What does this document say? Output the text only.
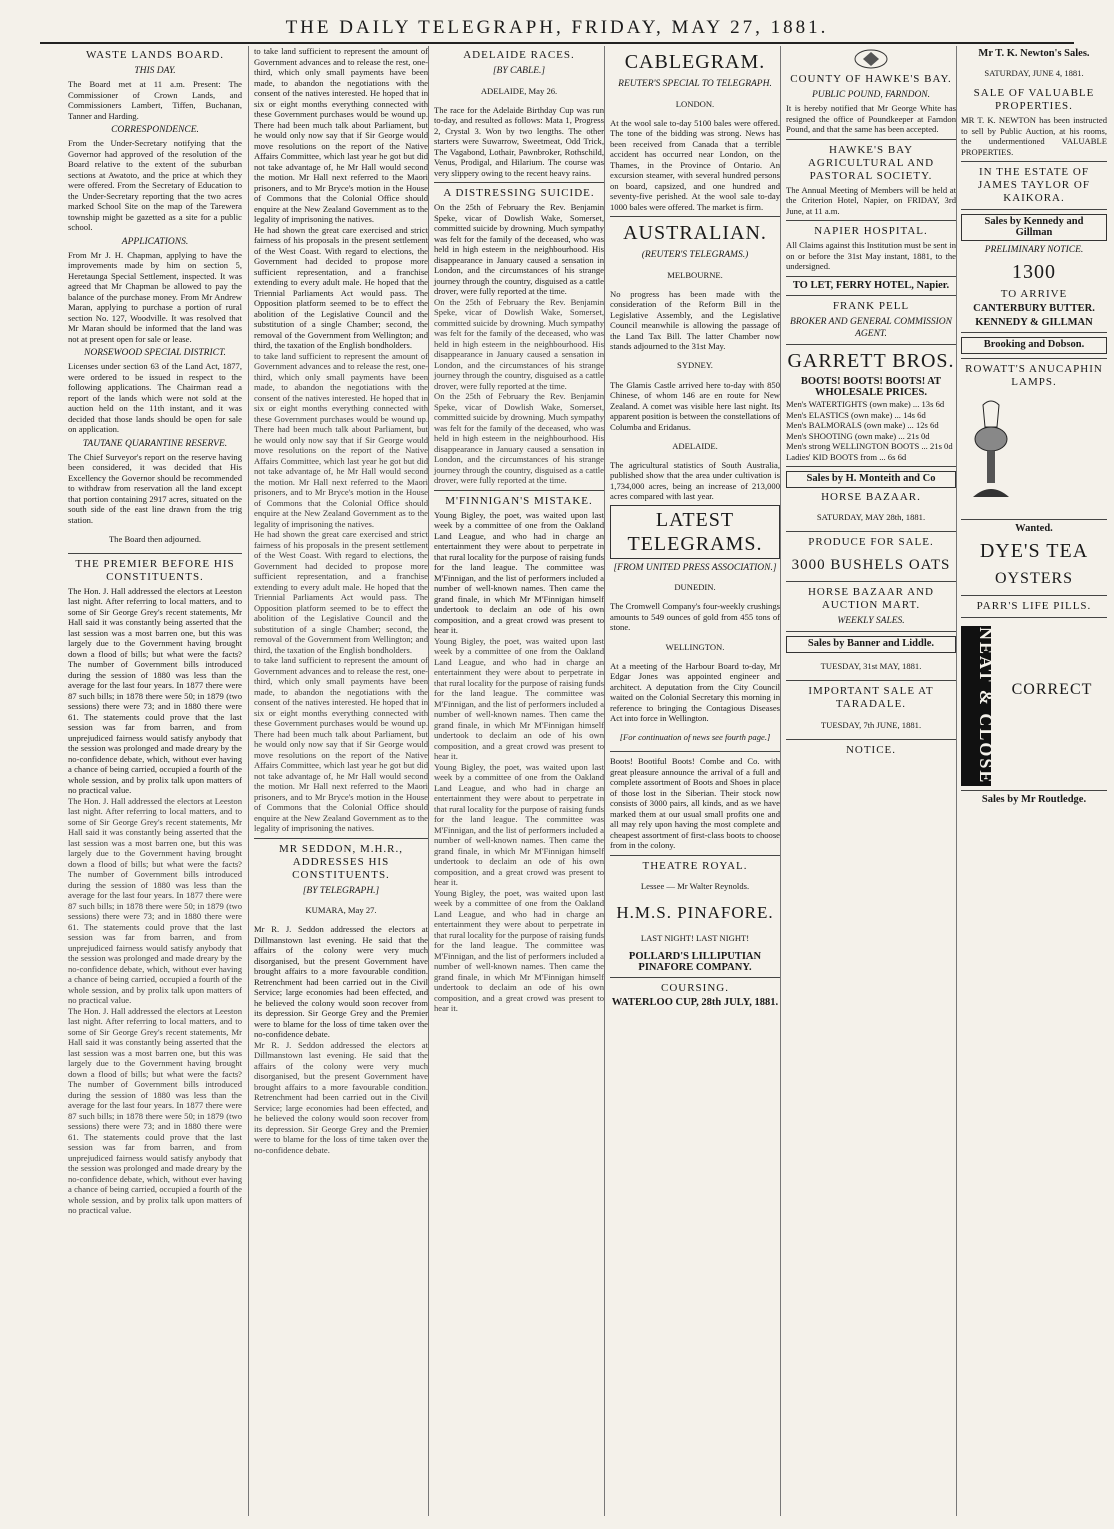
THE DAILY TELEGRAPH, FRIDAY, MAY 27, 1881.
WASTE LANDS BOARD.
THIS DAY.

The Board met at 11 a.m. Present: The Commissioner of Crown Lands, and Commissioners Lambert, Tiffen, Buchanan, Tanner and Harding.

CORRESPONDENCE.

From the Under-Secretary notifying that the Governor had approved of the resolution of the Board relative to the extent of the suburban sections at Awatoto, and the price at which they were offered. From the Secretary of Education to the Under-Secretary reporting that the two acres marked School Site on the map of the Tarewera township might be gazetted as a site for a public school.

APPLICATIONS.

From Mr J. H. Chapman, applying to have the improvements made by him on section 5, Heretaunga Special Settlement, inspected. It was agreed that Mr Chapman be allowed to pay the balance of the purchase money. From Mr Andrew Maran, applying to purchase a portion of rural section No. 127, Woodville. It was resolved that Mr Maran should be informed that the land was not at present open for sale or lease.

NORSEWOOD SPECIAL DISTRICT.

Licenses under section 63 of the Land Act, 1877, were ordered to be issued in respect to the following applications. The Chairman read a report of the lands which were not sold at the auction held on the 11th instant, and it was decided that those lands should be open for sale on application.

TAUTANE QUARANTINE RESERVE.

The Chief Surveyor's report on the reserve having been considered, it was decided that His Excellency the Governor should be recommended to withdraw from reservation all the land except that portion containing 2917 acres, situated on the south side of the east line drawn from the trig station.

The Board then adjourned.

THE PREMIER BEFORE HIS CONSTITUENTS.

The Hon. J. Hall addressed the electors at Leeston last night. After referring to local matters, and to some of Sir George Grey's recent statements, Mr Hall said it was constantly being asserted that the last session was a most barren one, but this was largely due to the Government having brought down a flood of bills; but what were the facts? The number of Government bills introduced during the session of 1880 was less than the average for the last four years. In 1877 there were 87 such bills; in 1878 there were 50; in 1879 (two sessions) there were 73; and in 1880 there were 61. The statements could prove that the last session was far from barren, and from unprejudiced fairness would satisfy anybody that the session was prolonged and made dreary by the no-confidence debate, which, without ever having a chance of being carried, occupied a fourth of the whole session, and by prolix talk upon matters of no practical value.

The Hon. J. Hall addressed the electors at Leeston last night. After referring to local matters, and to some of Sir George Grey's recent statements, Mr Hall said it was constantly being asserted that the last session was a most barren one, but this was largely due to the Government having brought down a flood of bills; but what were the facts? The number of Government bills introduced during the session of 1880 was less than the average for the last four years. In 1877 there were 87 such bills; in 1878 there were 50; in 1879 (two sessions) there were 73; and in 1880 there were 61. The statements could prove that the last session was far from barren, and from unprejudiced fairness would satisfy anybody that the session was prolonged and made dreary by the no-confidence debate, which, without ever having a chance of being carried, occupied a fourth of the whole session, and by prolix talk upon matters of no practical value.

The Hon. J. Hall addressed the electors at Leeston last night. After referring to local matters, and to some of Sir George Grey's recent statements, Mr Hall said it was constantly being asserted that the last session was a most barren one, but this was largely due to the Government having brought down a flood of bills; but what were the facts? The number of Government bills introduced during the session of 1880 was less than the average for the last four years. In 1877 there were 87 such bills; in 1878 there were 50; in 1879 (two sessions) there were 73; and in 1880 there were 61. The statements could prove that the last session was far from barren, and from unprejudiced fairness would satisfy anybody that the session was prolonged and made dreary by the no-confidence debate, which, without ever having a chance of being carried, occupied a fourth of the whole session, and by prolix talk upon matters of no practical value.

to take land sufficient to represent the amount of Government advances and to release the rest, one-third, which only small payments have been made, to abandon the negotiations with the consent of the natives interested. He hoped that in six or eight months everything connected with these Government purchases would be wound up. There had been much talk about Parliament, but he would only now say that if Sir George would move resolutions on the report of the Native Affairs Committee, which last year he got but did not take advantage of, he Mr Hall would second the motion. Mr Hall next referred to the Maori prisoners, and to Mr Bryce's motion in the House of Commons that the Colonial Office should enquire at the New Zealand Government as to the legality of imprisoning the natives.

He had shown the great care exercised and strict fairness of his proposals in the present settlement of the West Coast. With regard to elections, the Government had decided to propose more sufficient representation, and a franchise extending to every adult male. He hoped that the Triennial Parliaments Act would pass. The Opposition platform seemed to be to effect the abolition of the Legislative Council and the substitution of a single Chamber; second, the removal of the Government from Wellington; and third, the taxation of the English bondholders.

to take land sufficient to represent the amount of Government advances and to release the rest, one-third, which only small payments have been made, to abandon the negotiations with the consent of the natives interested. He hoped that in six or eight months everything connected with these Government purchases would be wound up. There had been much talk about Parliament, but he would only now say that if Sir George would move resolutions on the report of the Native Affairs Committee, which last year he got but did not take advantage of, he Mr Hall would second the motion. Mr Hall next referred to the Maori prisoners, and to Mr Bryce's motion in the House of Commons that the Colonial Office should enquire at the New Zealand Government as to the legality of imprisoning the natives.

He had shown the great care exercised and strict fairness of his proposals in the present settlement of the West Coast. With regard to elections, the Government had decided to propose more sufficient representation, and a franchise extending to every adult male. He hoped that the Triennial Parliaments Act would pass. The Opposition platform seemed to be to effect the abolition of the Legislative Council and the substitution of a single Chamber; second, the removal of the Government from Wellington; and third, the taxation of the English bondholders.

to take land sufficient to represent the amount of Government advances and to release the rest, one-third, which only small payments have been made, to abandon the negotiations with the consent of the natives interested. He hoped that in six or eight months everything connected with these Government purchases would be wound up. There had been much talk about Parliament, but he would only now say that if Sir George would move resolutions on the report of the Native Affairs Committee, which last year he got but did not take advantage of, he Mr Hall would second the motion. Mr Hall next referred to the Maori prisoners, and to Mr Bryce's motion in the House of Commons that the Colonial Office should enquire at the New Zealand Government as to the legality of imprisoning the natives.

MR SEDDON, M.H.R., ADDRESSES HIS CONSTITUENTS.
[BY TELEGRAPH.]

KUMARA, May 27.

Mr R. J. Seddon addressed the electors at Dillmanstown last evening. He said that the affairs of the colony were very much disorganised, but the present Government have brought affairs to a more favourable condition. Retrenchment had been carried out in the Civil Service; large economies had been effected, and he believed the colony would soon recover from its depression. Sir George Grey and the Premier were to blame for the loss of time taken over the no-confidence debate.

Mr R. J. Seddon addressed the electors at Dillmanstown last evening. He said that the affairs of the colony were very much disorganised, but the present Government have brought affairs to a more favourable condition. Retrenchment had been carried out in the Civil Service; large economies had been effected, and he believed the colony would soon recover from its depression. Sir George Grey and the Premier were to blame for the loss of time taken over the no-confidence debate.

ADELAIDE RACES.
[BY CABLE.]

ADELAIDE, May 26.

The race for the Adelaide Birthday Cup was run to-day, and resulted as follows: Mata 1, Progress 2, Crystal 3. Won by two lengths. The other starters were Suwarrow, Sweetmeat, Odd Trick, The Vagabond, Lothair, Pawnbroker, Rothschild, Venus, Prodigal, and Hilarium. The course was very slippery owing to the recent heavy rains.

A DISTRESSING SUICIDE.

On the 25th of February the Rev. Benjamin Speke, vicar of Dowlish Wake, Somerset, committed suicide by drowning. Much sympathy was felt for the family of the deceased, who was held in high esteem in the neighbourhood. His disappearance in January caused a sensation in London, and the circumstances of his strange journey through the country, disguised as a cattle drover, were fully reported at the time.

On the 25th of February the Rev. Benjamin Speke, vicar of Dowlish Wake, Somerset, committed suicide by drowning. Much sympathy was felt for the family of the deceased, who was held in high esteem in the neighbourhood. His disappearance in January caused a sensation in London, and the circumstances of his strange journey through the country, disguised as a cattle drover, were fully reported at the time.

On the 25th of February the Rev. Benjamin Speke, vicar of Dowlish Wake, Somerset, committed suicide by drowning. Much sympathy was felt for the family of the deceased, who was held in high esteem in the neighbourhood. His disappearance in January caused a sensation in London, and the circumstances of his strange journey through the country, disguised as a cattle drover, were fully reported at the time.

M'FINNIGAN'S MISTAKE.

Young Bigley, the poet, was waited upon last week by a committee of one from the Oakland Land League, and who had in charge an entertainment they were about to perpetrate in that rural locality for the purpose of raising funds for the land league. The committee was M'Finnigan, and the list of performers included a number of well-known names. Then came the grand finale, in which Mr M'Finnigan himself undertook to declaim an ode of his own composition, and a great crowd was present to hear it.

Young Bigley, the poet, was waited upon last week by a committee of one from the Oakland Land League, and who had in charge an entertainment they were about to perpetrate in that rural locality for the purpose of raising funds for the land league. The committee was M'Finnigan, and the list of performers included a number of well-known names. Then came the grand finale, in which Mr M'Finnigan himself undertook to declaim an ode of his own composition, and a great crowd was present to hear it.

Young Bigley, the poet, was waited upon last week by a committee of one from the Oakland Land League, and who had in charge an entertainment they were about to perpetrate in that rural locality for the purpose of raising funds for the land league. The committee was M'Finnigan, and the list of performers included a number of well-known names. Then came the grand finale, in which Mr M'Finnigan himself undertook to declaim an ode of his own composition, and a great crowd was present to hear it.

Young Bigley, the poet, was waited upon last week by a committee of one from the Oakland Land League, and who had in charge an entertainment they were about to perpetrate in that rural locality for the purpose of raising funds for the land league. The committee was M'Finnigan, and the list of performers included a number of well-known names. Then came the grand finale, in which Mr M'Finnigan himself undertook to declaim an ode of his own composition, and a great crowd was present to hear it.

CABLEGRAM.
REUTER'S SPECIAL TO TELEGRAPH.

LONDON.

At the wool sale to-day 5100 bales were offered. The tone of the bidding was strong. News has been received from Canada that a terrible accident has occurred near London, on the Thames, in the Province of Ontario. An excursion steamer, with several hundred persons on board, capsized, and one hundred and seventy-five perished. At the wool sale to-day 1000 bales were offered. The market is firm.

AUSTRALIAN.
(REUTER'S TELEGRAMS.)

MELBOURNE.

No progress has been made with the consideration of the Reform Bill in the Legislative Assembly, and the Legislative Council meanwhile is allowing the passage of the Land Tax Bill. The latter Chamber now stands adjourned to the 31st May.

SYDNEY.

The Glamis Castle arrived here to-day with 850 Chinese, of whom 146 are en route for New Zealand. A comet was visible here last night. Its apparent position is between the constellations of Columba and Eridanus.

ADELAIDE.

The agricultural statistics of South Australia, published show that the area under cultivation is 1,734,000 acres, being an increase of 213,000 acres compared with last year.

LATEST TELEGRAMS.
[FROM UNITED PRESS ASSOCIATION.]

DUNEDIN.

The Cromwell Company's four-weekly crushings amounts to 549 ounces of gold from 455 tons of stone.

WELLINGTON.

At a meeting of the Harbour Board to-day, Mr Edgar Jones was appointed engineer and architect. A deputation from the City Council waited on the Colonial Secretary this morning in reference to bringing the Contagious Diseases Act into force in Wellington.

[For continuation of news see fourth page.]

Boots! Bootiful Boots! Combe and Co. with great pleasure announce the arrival of a full and complete assortment of Boots and Shoes in place of those lost in the Siberian. Their stock now consists of 3000 pairs, all kinds, and as we have marked them at our usual small profits one and all may rely upon having the most complete and cheapest assortment of first-class boots to choose from in the colony.

THEATRE ROYAL.

Lessee — Mr Walter Reynolds.

H.M.S. PINAFORE.

LAST NIGHT! LAST NIGHT!

POLLARD'S LILLIPUTIAN PINAFORE COMPANY.
COURSING.
WATERLOO CUP, 28th JULY, 1881.
COUNTY OF HAWKE'S BAY.
PUBLIC POUND, FARNDON.

It is hereby notified that Mr George White has resigned the office of Poundkeeper at Farndon Pound, and that the same has been accepted.

HAWKE'S BAY AGRICULTURAL AND PASTORAL SOCIETY.

The Annual Meeting of Members will be held at the Criterion Hotel, Napier, on FRIDAY, 3rd June, at 11 a.m.

NAPIER HOSPITAL.

All Claims against this Institution must be sent in on or before the 31st May instant, 1881, to the undersigned.

TO LET, FERRY HOTEL, Napier.
FRANK PELL
BROKER AND GENERAL COMMISSION AGENT.
GARRETT BROS.
BOOTS! BOOTS! BOOTS! AT WHOLESALE PRICES.
Men's WATERTIGHTS (own make) ... 13s 6d
Men's ELASTICS (own make) ... 14s 6d
Men's BALMORALS (own make) ... 12s 6d
Men's SHOOTING (own make) ... 21s 0d
Men's strong WELLINGTON BOOTS ... 21s 0d
Ladies' KID BOOTS from ... 6s 6d
Sales by H. Monteith and Co
HORSE BAZAAR.

SATURDAY, MAY 28th, 1881.

PRODUCE FOR SALE.
3000 BUSHELS OATS
HORSE BAZAAR AND AUCTION MART.
WEEKLY SALES.
Sales by Banner and Liddle.

TUESDAY, 31st MAY, 1881.

IMPORTANT SALE AT TARADALE.

TUESDAY, 7th JUNE, 1881.

NOTICE.
Mr T. K. Newton's Sales.

SATURDAY, JUNE 4, 1881.

SALE OF VALUABLE PROPERTIES.

MR T. K. NEWTON has been instructed to sell by Public Auction, at his rooms, the undermentioned VALUABLE PROPERTIES.

IN THE ESTATE OF JAMES TAYLOR OF KAIKORA.
Sales by Kennedy and Gillman
PRELIMINARY NOTICE.
1300
TO ARRIVE
CANTERBURY BUTTER.
KENNEDY & GILLMAN
Brooking and Dobson.
ROWATT'S ANUCAPHIN LAMPS.
Wanted.
DYE'S TEA
OYSTERS
PARR'S LIFE PILLS.
NEAT & CLOSE CORRECT
Sales by Mr Routledge.
